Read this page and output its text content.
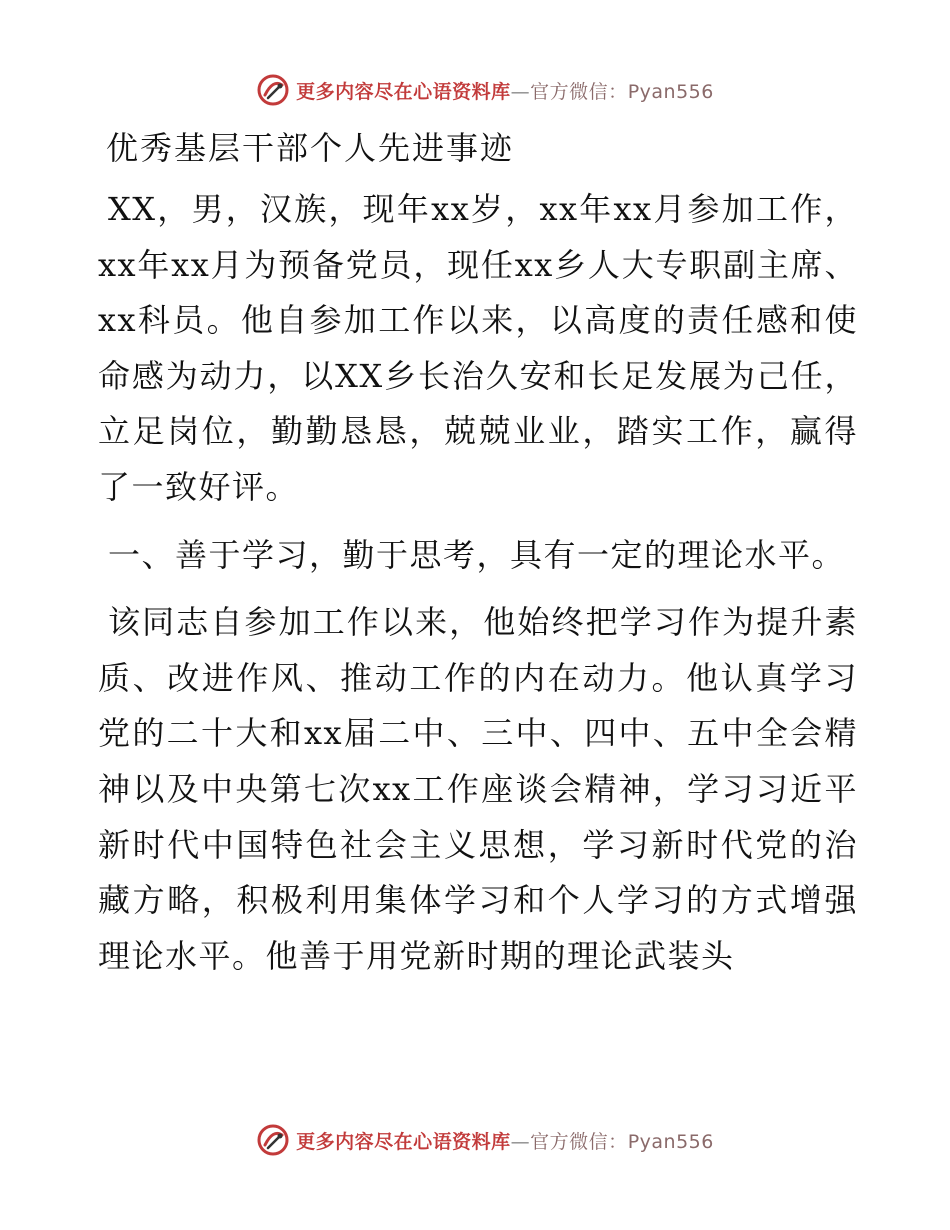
更多内容尽在心语资料库—官方微信：Pyan556
优秀基层干部个人先进事迹

XX，男，汉族，现年xx岁，xx年xx月参加工作，xx年xx月为预备党员，现任xx乡人大专职副主席、xx科员。他自参加工作以来，以高度的责任感和使命感为动力，以XX乡长治久安和长足发展为己任，立足岗位，勤勤恳恳，兢兢业业，踏实工作，赢得了一致好评。

一、善于学习，勤于思考，具有一定的理论水平。

该同志自参加工作以来，他始终把学习作为提升素质、改进作风、推动工作的内在动力。他认真学习党的二十大和xx届二中、三中、四中、五中全会精神以及中央第七次xx工作座谈会精神，学习习近平新时代中国特色社会主义思想，学习新时代党的治藏方略，积极利用集体学习和个人学习的方式增强理论水平。他善于用党新时期的理论武装头

更多内容尽在心语资料库—官方微信：Pyan556
